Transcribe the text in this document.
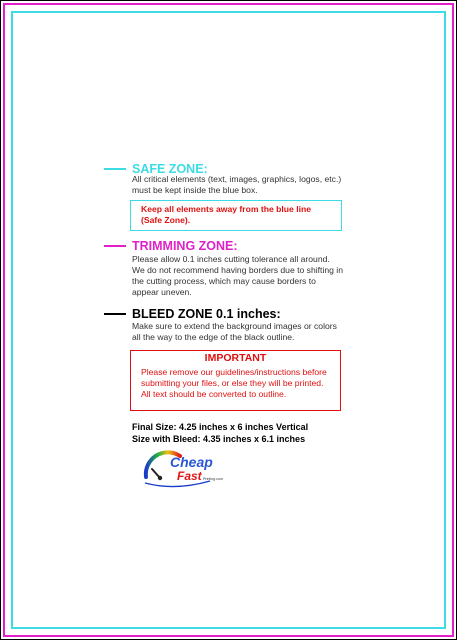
SAFE ZONE:
All critical elements (text, images, graphics, logos, etc.)
must be kept inside the blue box.
Keep all elements away from the blue line
(Safe Zone).
TRIMMING ZONE:
Please allow 0.1 inches cutting tolerance all around.
We do not recommend having borders due to shifting in
the cutting process, which may cause borders to
appear uneven.
BLEED ZONE 0.1 inches:
Make sure to extend the background images or colors
all the way to the edge of the black outline.
IMPORTANT
Please remove our guidelines/instructions before
submitting your files, or else they will be printed.
All text should be converted to outline.
Final Size: 4.25 inches x 6 inches Vertical
Size with Bleed: 4.35 inches x 6.1 inches
Cheap
Fast Printing.com
